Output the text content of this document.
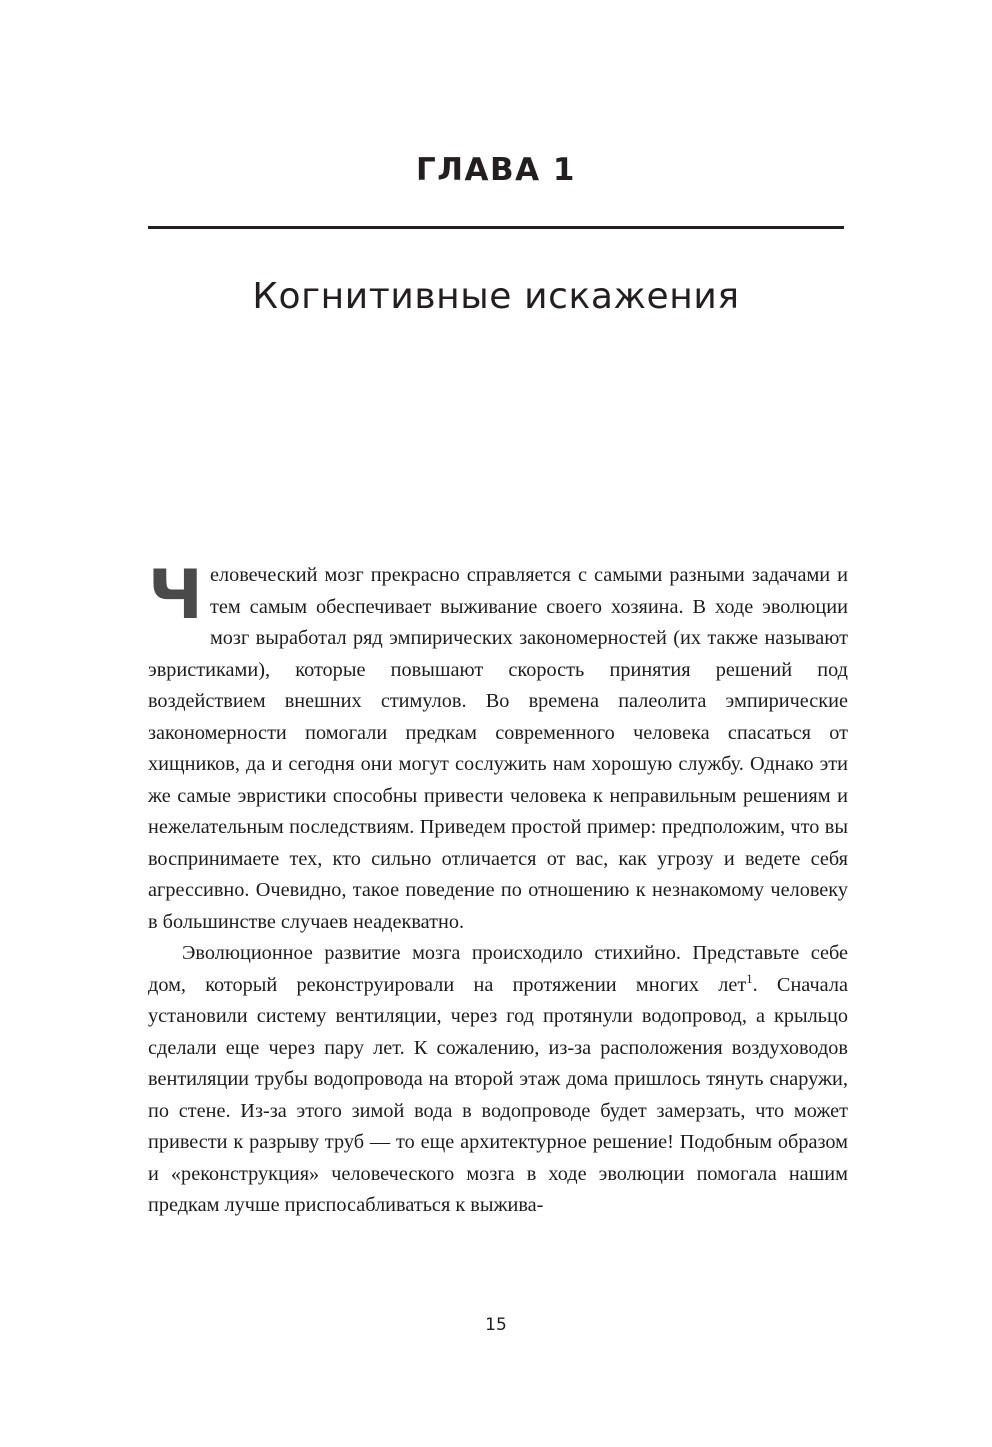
ГЛАВА 1
Когнитивные искажения

Человеческий мозг прекрасно справляется с самыми разными задачами и тем самым обеспечивает выживание своего хозяина. В ходе эволюции мозг выработал ряд эмпирических закономерностей (их также называют эвристиками), которые повышают скорость принятия решений под воздействием внешних стимулов. Во времена палеолита эмпирические закономерности помогали предкам современного человека спасаться от хищников, да и сегодня они могут сослужить нам хорошую службу. Однако эти же самые эвристики способны привести человека к неправильным решениям и нежелательным последствиям. Приведем простой пример: предположим, что вы воспринимаете тех, кто сильно отличается от вас, как угрозу и ведете себя агрессивно. Очевидно, такое поведение по отношению к незнакомому человеку в большинстве случаев неадекватно.

Эволюционное развитие мозга происходило стихийно. Представьте себе дом, который реконструировали на протяжении многих лет$^1$. Сначала установили систему вентиляции, через год протянули водопровод, а крыльцо сделали еще через пару лет. К сожалению, из-за расположения воздуховодов вентиляции трубы водопровода на второй этаж дома пришлось тянуть снаружи, по стене. Из-за этого зимой вода в водопроводе будет замерзать, что может привести к разрыву труб — то еще архитектурное решение! Подобным образом и «реконструкция» человеческого мозга в ходе эволюции помогала нашим предкам лучше приспосабливаться к выжива-

15
